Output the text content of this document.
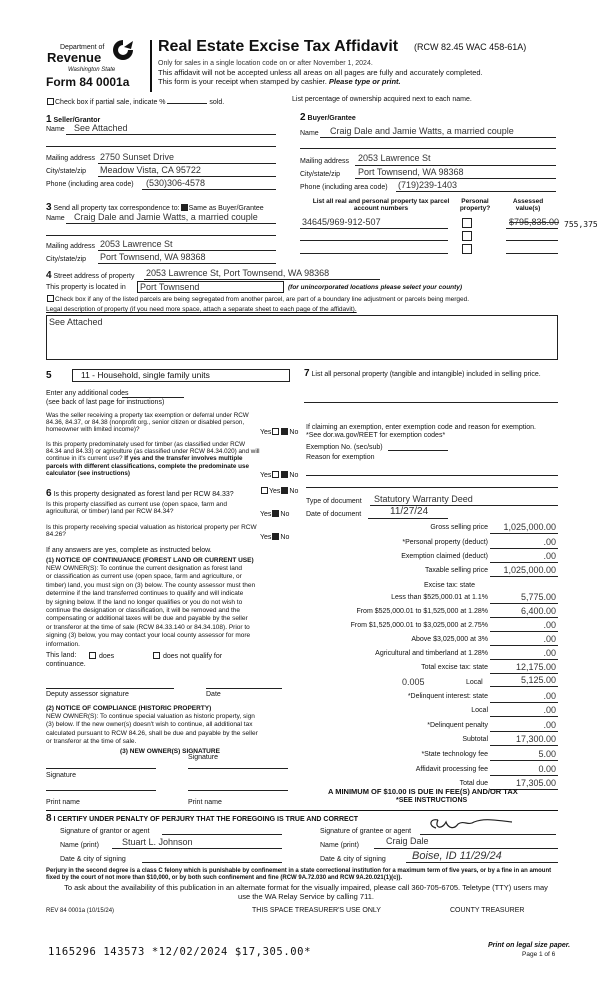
Department of
Revenue
Washington State
Form 84 0001a
Real Estate Excise Tax Affidavit (RCW 82.45 WAC 458-61A)
Only for sales in a single location code on or after November 1, 2024.
This affidavit will not be accepted unless all areas on all pages are fully and accurately completed.
This form is your receipt when stamped by cashier. Please type or print.
Check box if partial sale, indicate %	sold.	List percentage of ownership acquired next to each name.
1 Seller/Grantor
Name See Attached
Mailing address 2750 Sunset Drive
City/state/zip Meadow Vista, CA 95722
Phone (including area code) (530)306-4578
2 Buyer/Grantee
Name Craig Dale and Jamie Watts, a married couple
Mailing address 2053 Lawrence St
City/state/zip Port Townsend, WA 98368
Phone (including area code) (719)239-1403
3 Send all property tax correspondence to: Same as Buyer/Grantee
Name Craig Dale and Jamie Watts, a married couple
Mailing address 2053 Lawrence St
City/state/zip Port Townsend, WA 98368
List all real and personal property tax parcel account numbers
Personal property?
Assessed value(s)
34645/969-912-507	$795,835.00 755,375
4 Street address of property 2053 Lawrence St, Port Townsend, WA 98368
This property is located in	Port Townsend	(for unincorporated locations please select your county)
Check box if any of the listed parcels are being segregated from another parcel, are part of a boundary line adjustment or parcels being merged.
Legal description of property (if you need more space, attach a separate sheet to each page of the affidavit).
See Attached
5	11 - Household, single family units
Enter any additional codes
(see back of last page for instructions)
Was the seller receiving a property tax exemption or deferral under RCW 84.36, 84.37, or 84.38 (nonprofit org., senior citizen or disabled person, homeowner with limited income)?	Yes	No
Is this property predominately used for timber (as classified under RCW 84.34 and 84.33) or agriculture (as classified under RCW 84.34.020) and will continue in it's current use? If yes and the transfer involves multiple parcels with different classifications, complete the predominate use calculator (see instructions)	Yes	No
6 Is this property designated as forest land per RCW 84.33?	Yes No
Is this property classified as current use (open space, farm and agricultural, or timber) land per RCW 84.34?	Yes No
Is this property receiving special valuation as historical property per RCW 84.26?	Yes No
If any answers are yes, complete as instructed below.
(1) NOTICE OF CONTINUANCE (FOREST LAND OR CURRENT USE)
NEW OWNER(S): To continue the current designation as forest land
or classification as current use (open space, farm and agriculture, or
timber) land, you must sign on (3) below. The county assessor must then
determine if the land transferred continues to qualify and will indicate
by signing below. If the land no longer qualifies or you do not wish to
continue the designation or classification, it will be removed and the
compensating or additional taxes will be due and payable by the seller
or transferor at the time of sale (RCW 84.33.140 or 84.34.108). Prior to
signing (3) below, you may contact your local county assessor for more
information.
This land:	does	does not qualify for
continuance.
Deputy assessor signature	Date
(2) NOTICE OF COMPLIANCE (HISTORIC PROPERTY)
NEW OWNER(S): To continue special valuation as historic property, sign
(3) below. If the new owner(s) doesn't wish to continue, all additional tax
calculated pursuant to RCW 84.26, shall be due and payable by the seller
or transferor at the time of sale.
(3) NEW OWNER(S) SIGNATURE
Signature
Signature
Print name	Print name
7 List all personal property (tangible and intangible) included in selling price.
If claiming an exemption, enter exemption code and reason for exemption. *See dor.wa.gov/REET for exemption codes*
Exemption No. (sec/sub)
Reason for exemption
Type of document Statutory Warranty Deed
Date of document	11/27/24
Gross selling price	1,025,000.00
*Personal property (deduct)	.00
Exemption claimed (deduct)	.00
Taxable selling price	1,025,000.00
Less than $525,000.01 at 1.1%	5,775.00
From $525,000.01 to $1,525,000 at 1.28%	6,400.00
From $1,525,000.01 to $3,025,000 at 2.75%	.00
Above $3,025,000 at 3%	.00
Agricultural and timberland at 1.28%	.00
Total excise tax: state	12,175.00
*Delinquent interest: state	.00
Local	.00
*Delinquent penalty	.00
Subtotal	17,300.00
*State technology fee	5.00
Affidavit processing fee	0.00
Total due	17,305.00
Excise tax: state
0.005	Local	5,125.00
A MINIMUM OF $10.00 IS DUE IN FEE(S) AND/OR TAX
*SEE INSTRUCTIONS
8 I CERTIFY UNDER PENALTY OF PERJURY THAT THE FOREGOING IS TRUE AND CORRECT
Signature of grantor or agent	Signature of grantee or agent
Name (print)	Stuart L. Johnson	Name (print)	Craig Dale
Date & city of signing	Date & city of signing Boise, ID 11/29/24
Perjury in the second degree is a class C felony which is punishable by confinement in a state correctional institution for a maximum term of five years, or by a fine in an amount fixed by the court of not more than $10,000, or by both such confinement and fine (RCW 9A.72.030 and RCW 9A.20.021(1)(c)).
To ask about the availability of this publication in an alternate format for the visually impaired, please call 360-705-6705. Teletype (TTY) users may use the WA Relay Service by calling 711.
REV 84 0001a (10/15/24)	THIS SPACE TREASURER'S USE ONLY	COUNTY TREASURER
1165296 143573 *12/02/2024 $17,305.00*
Print on legal size paper.
Page 1 of 6
